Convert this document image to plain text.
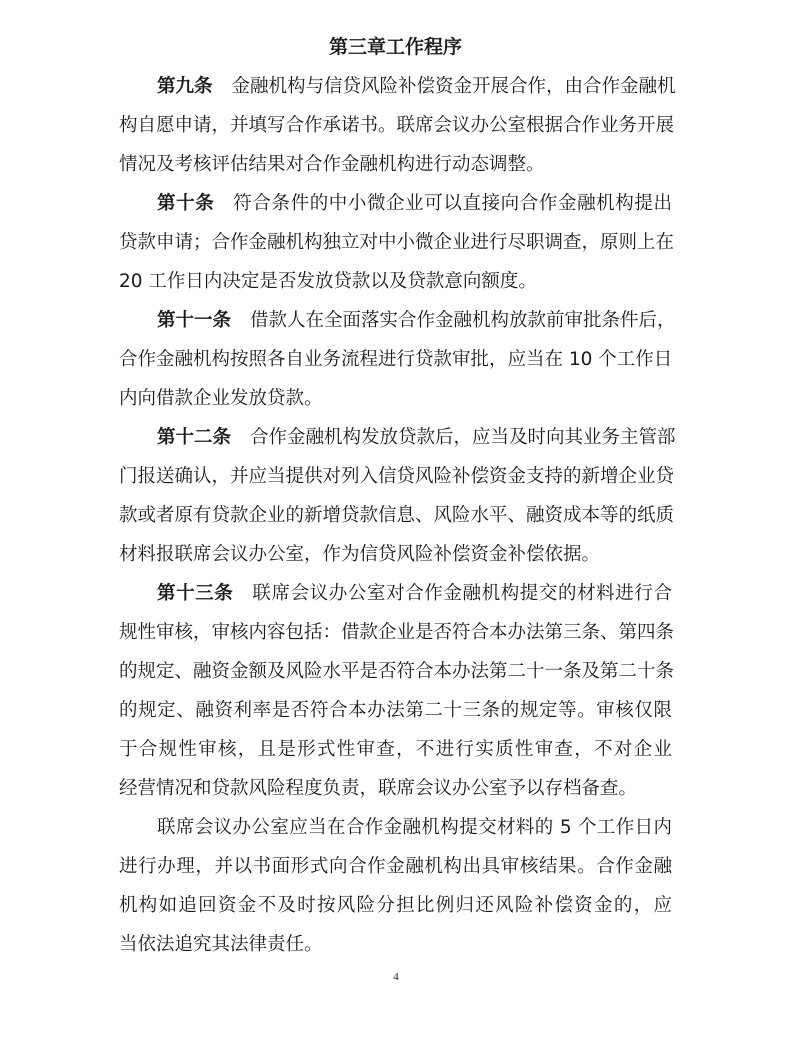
第三章工作程序
第九条 金融机构与信贷风险补偿资金开展合作，由合作金融机
构自愿申请，并填写合作承诺书。联席会议办公室根据合作业务开展
情况及考核评估结果对合作金融机构进行动态调整。
第十条 符合条件的中小微企业可以直接向合作金融机构提出
贷款申请；合作金融机构独立对中小微企业进行尽职调查，原则上在
20 工作日内决定是否发放贷款以及贷款意向额度。
第十一条 借款人在全面落实合作金融机构放款前审批条件后，
合作金融机构按照各自业务流程进行贷款审批，应当在 10 个工作日
内向借款企业发放贷款。
第十二条 合作金融机构发放贷款后，应当及时向其业务主管部
门报送确认，并应当提供对列入信贷风险补偿资金支持的新增企业贷
款或者原有贷款企业的新增贷款信息、风险水平、融资成本等的纸质
材料报联席会议办公室，作为信贷风险补偿资金补偿依据。
第十三条 联席会议办公室对合作金融机构提交的材料进行合
规性审核，审核内容包括：借款企业是否符合本办法第三条、第四条
的规定、融资金额及风险水平是否符合本办法第二十一条及第二十条
的规定、融资利率是否符合本办法第二十三条的规定等。审核仅限
于合规性审核，且是形式性审查，不进行实质性审查，不对企业
经营情况和贷款风险程度负责，联席会议办公室予以存档备查。
联席会议办公室应当在合作金融机构提交材料的 5 个工作日内
进行办理，并以书面形式向合作金融机构出具审核结果。合作金融
机构如追回资金不及时按风险分担比例归还风险补偿资金的，应
当依法追究其法律责任。
4
